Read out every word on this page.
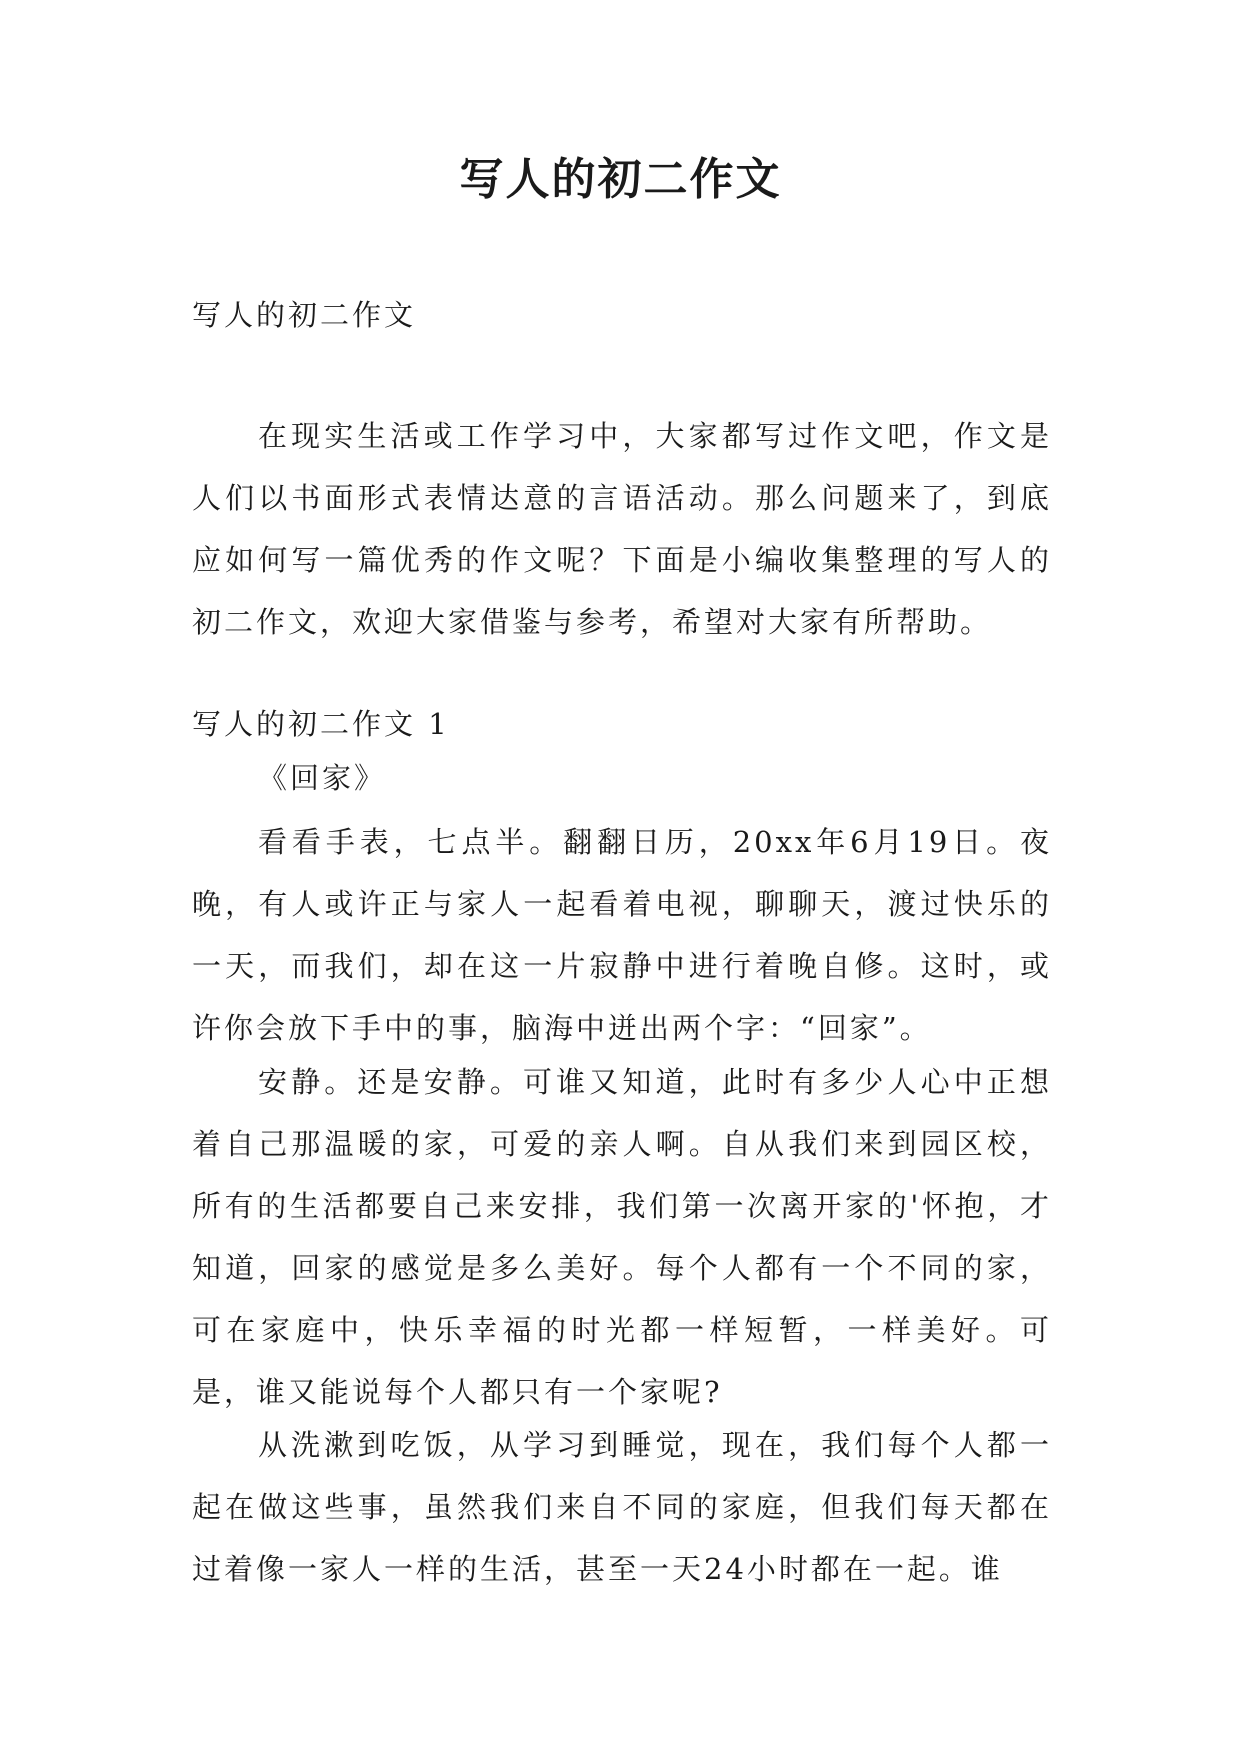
写人的初二作文

写人的初二作文

在现实生活或工作学习中，大家都写过作文吧，作文是人们以书面形式表情达意的言语活动。那么问题来了，到底应如何写一篇优秀的作文呢？下面是小编收集整理的写人的初二作文，欢迎大家借鉴与参考，希望对大家有所帮助。

写人的初二作文 1

《回家》

看看手表，七点半。翻翻日历，20xx年6月19日。夜晚，有人或许正与家人一起看着电视，聊聊天，渡过快乐的一天，而我们，却在这一片寂静中进行着晚自修。这时，或许你会放下手中的事，脑海中迸出两个字：“回家”。

安静。还是安静。可谁又知道，此时有多少人心中正想着自己那温暖的家，可爱的亲人啊。自从我们来到园区校，所有的生活都要自己来安排，我们第一次离开家的'怀抱，才知道，回家的感觉是多么美好。每个人都有一个不同的家，可在家庭中，快乐幸福的时光都一样短暂，一样美好。可是，谁又能说每个人都只有一个家呢?

从洗漱到吃饭，从学习到睡觉，现在，我们每个人都一起在做这些事，虽然我们来自不同的家庭，但我们每天都在过着像一家人一样的生活，甚至一天24小时都在一起。谁
